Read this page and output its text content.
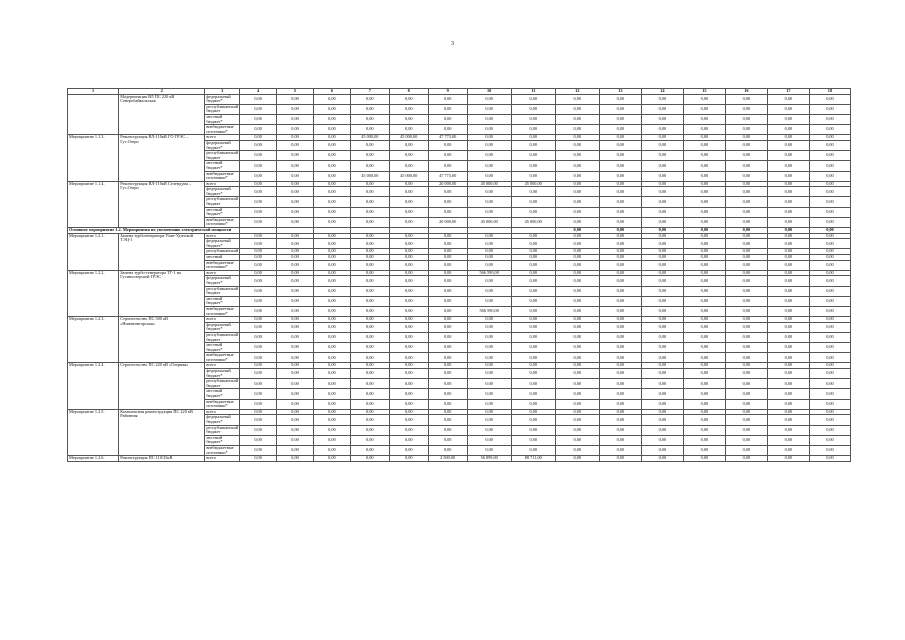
3
1	2	3	4	5	6	7	8	9	10	11	12	13	14	15	16	17	18
	Модернизация ВЛ ПС 220 кВ Северобайкальская	федеральный бюджет*	0,00	0,00	0,00	0,00	0,00	0,00	0,00	0,00	0,00	0,00	0,00	0,00	0,00	0,00	0,00
		республиканский бюджет	0,00	0,00	0,00	0,00	0,00	0,00	0,00	0,00	0,00	0,00	0,00	0,00	0,00	0,00	0,00
		местный бюджет*	0,00	0,00	0,00	0,00	0,00	0,00	0,00	0,00	0,00	0,00	0,00	0,00	0,00	0,00	0,00
		внебюджетные источники*	0,00	0,00	0,00	0,00	0,00	0,00	0,00	0,00	0,00	0,00	0,00	0,00	0,00	0,00	0,00
Мероприятие 1.1.3.	Реконструкция ВЛ-110кВ ГО ГРЭС – Гус.Озеро	всего	0,00	0,00	0,00	45 000,00	45 000,00	47 773,00	0,00	0,00	0,00	0,00	0,00	0,00	0,00	0,00	0,00
		федеральный бюджет*	0,00	0,00	0,00	0,00	0,00	0,00	0,00	0,00	0,00	0,00	0,00	0,00	0,00	0,00	0,00
		республиканский бюджет	0,00	0,00	0,00	0,00	0,00	0,00	0,00	0,00	0,00	0,00	0,00	0,00	0,00	0,00	0,00
		местный бюджет*	0,00	0,00	0,00	0,00	0,00	0,00	0,00	0,00	0,00	0,00	0,00	0,00	0,00	0,00	0,00
		внебюджетные источники*	0,00	0,00	0,00	45 000,00	45 000,00	47 773,00	0,00	0,00	0,00	0,00	0,00	0,00	0,00	0,00	0,00
Мероприятие 1.1.4.	Реконструкция ВЛ-110кВ Селендума – Гус.Озеро	всего	0,00	0,00	0,00	0,00	0,00	20 000,00	45 000,00	45 000,00	0,00	0,00	0,00	0,00	0,00	0,00	0,00
		федеральный бюджет*	0,00	0,00	0,00	0,00	0,00	0,00	0,00	0,00	0,00	0,00	0,00	0,00	0,00	0,00	0,00
		республиканский бюджет	0,00	0,00	0,00	0,00	0,00	0,00	0,00	0,00	0,00	0,00	0,00	0,00	0,00	0,00	0,00
		местный бюджет*	0,00	0,00	0,00	0,00	0,00	0,00	0,00	0,00	0,00	0,00	0,00	0,00	0,00	0,00	0,00
		внебюджетные источники*	0,00	0,00	0,00	0,00	0,00	20 000,00	45 000,00	45 000,00	0,00	0,00	0,00	0,00	0,00	0,00	0,00
Основное мероприятие 1.2. Мероприятия по увеличению электрической мощности											0,00	0,00	0,00	0,00	0,00	0,00	0,00
Мероприятие 1.2.1.	Замена турбогенератора Улан-Удэнской ТЭЦ-1	всего	0,00	0,00	0,00	0,00	0,00	0,00	0,00	0,00	0,00	0,00	0,00	0,00	0,00	0,00	0,00
		федеральный бюджет*	0,00	0,00	0,00	0,00	0,00	0,00	0,00	0,00	0,00	0,00	0,00	0,00	0,00	0,00	0,00
		республиканский	0,00	0,00	0,00	0,00	0,00	0,00	0,00	0,00	0,00	0,00	0,00	0,00	0,00	0,00	0,00
		местный	0,00	0,00	0,00	0,00	0,00	0,00	0,00	0,00	0,00	0,00	0,00	0,00	0,00	0,00	0,00
		внебюджетные источники*	0,00	0,00	0,00	0,00	0,00	0,00	0,00	0,00	0,00	0,00	0,00	0,00	0,00	0,00	0,00
Мероприятие 1.2.2.	Замена турбо-генератора ТГ-1 на Гусиноозерской ГРЭС	всего	0,00	0,00	0,00	0,00	0,00	0,00	566 590,00	0,00	0,00	0,00	0,00	0,00	0,00	0,00	0,00
		федеральный бюджет*	0,00	0,00	0,00	0,00	0,00	0,00	0,00	0,00	0,00	0,00	0,00	0,00	0,00	0,00	0,00
		республиканский бюджет	0,00	0,00	0,00	0,00	0,00	0,00	0,00	0,00	0,00	0,00	0,00	0,00	0,00	0,00	0,00
		местный бюджет*	0,00	0,00	0,00	0,00	0,00	0,00	0,00	0,00	0,00	0,00	0,00	0,00	0,00	0,00	0,00
		внебюджетные источники*	0,00	0,00	0,00	0,00	0,00	0,00	566 590,00	0,00	0,00	0,00	0,00	0,00	0,00	0,00	0,00
Мероприятие 1.2.3.	Строительство ПС 500 кВ «Нижнеангарская»	всего	0,00	0,00	0,00	0,00	0,00	0,00	0,00	0,00	0,00	0,00	0,00	0,00	0,00	0,00	0,00
		федеральный бюджет*	0,00	0,00	0,00	0,00	0,00	0,00	0,00	0,00	0,00	0,00	0,00	0,00	0,00	0,00	0,00
		республиканский бюджет	0,00	0,00	0,00	0,00	0,00	0,00	0,00	0,00	0,00	0,00	0,00	0,00	0,00	0,00	0,00
		местный бюджет*	0,00	0,00	0,00	0,00	0,00	0,00	0,00	0,00	0,00	0,00	0,00	0,00	0,00	0,00	0,00
		внебюджетные источники*	0,00	0,00	0,00	0,00	0,00	0,00	0,00	0,00	0,00	0,00	0,00	0,00	0,00	0,00	0,00
Мероприятие 1.2.4.	Строительство ПС 220 кВ «Озерная»	всего	0,00	0,00	0,00	0,00	0,00	0,00	0,00	0,00	0,00	0,00	0,00	0,00	0,00	0,00	0,00
		федеральный бюджет*	0,00	0,00	0,00	0,00	0,00	0,00	0,00	0,00	0,00	0,00	0,00	0,00	0,00	0,00	0,00
		республиканский бюджет	0,00	0,00	0,00	0,00	0,00	0,00	0,00	0,00	0,00	0,00	0,00	0,00	0,00	0,00	0,00
		местный бюджет*	0,00	0,00	0,00	0,00	0,00	0,00	0,00	0,00	0,00	0,00	0,00	0,00	0,00	0,00	0,00
		внебюджетные источники*	0,00	0,00	0,00	0,00	0,00	0,00	0,00	0,00	0,00	0,00	0,00	0,00	0,00	0,00	0,00
Мероприятие 1.2.5.	Комплексная реконструкция ПС 220 кВ Районная	всего	0,00	0,00	0,00	0,00	0,00	0,00	0,00	0,00	0,00	0,00	0,00	0,00	0,00	0,00	0,00
		федеральный бюджет*	0,00	0,00	0,00	0,00	0,00	0,00	0,00	0,00	0,00	0,00	0,00	0,00	0,00	0,00	0,00
		республиканский бюджет	0,00	0,00	0,00	0,00	0,00	0,00	0,00	0,00	0,00	0,00	0,00	0,00	0,00	0,00	0,00
		местный бюджет*	0,00	0,00	0,00	0,00	0,00	0,00	0,00	0,00	0,00	0,00	0,00	0,00	0,00	0,00	0,00
		внебюджетные источники*	0,00	0,00	0,00	0,00	0,00	0,00	0,00	0,00	0,00	0,00	0,00	0,00	0,00	0,00	0,00
Мероприятие 1.2.6.	Реконструкция ПС 110/35кВ	всего	0,00	0,00	0,00	0,00	0,00	2 500,00	56 899,00	88 711,00	0,00	0,00	0,00	0,00	0,00	0,00	0,00
